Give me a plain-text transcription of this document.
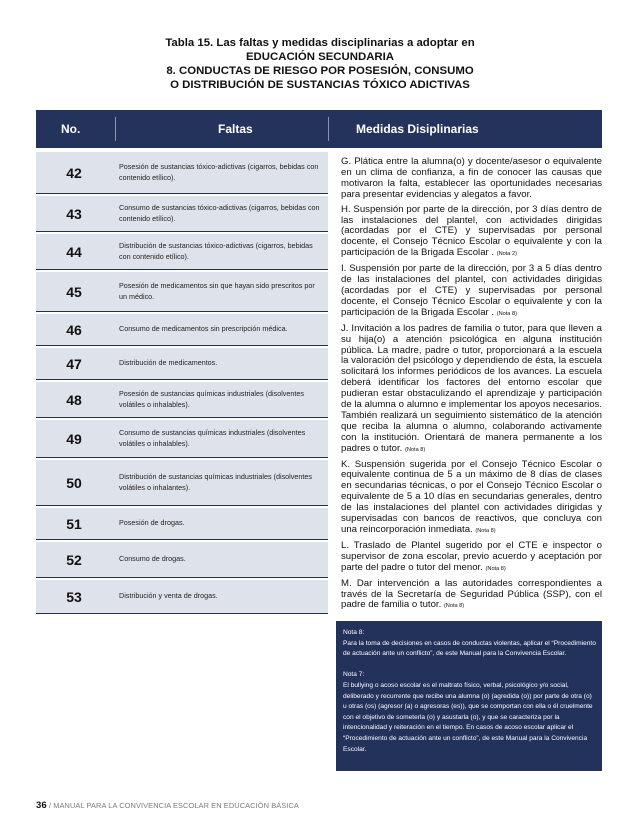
Tabla 15. Las faltas y medidas disciplinarias a adoptar en
EDUCACIÓN SECUNDARIA
8. CONDUCTAS DE RIESGO POR POSESIÓN, CONSUMO
O DISTRIBUCIÓN DE SUSTANCIAS TÓXICO ADICTIVAS
No.	Faltas	Medidas Disiplinarias
42	Posesión de sustancias tóxico-adictivas (cigarros, bebidas con contenido etílico).
43	Consumo de sustancias tóxico-adictivas (cigarros, bebidas con contenido etílico).
44	Distribución de sustancias tóxico-adictivas (cigarros, bebidas con contenido etílico).
45	Posesión de medicamentos sin que hayan sido prescritos por un médico.
46	Consumo de medicamentos sin prescripción médica.
47	Distribución de medicamentos.
48	Posesión de sustancias químicas industriales (disolventes volátiles o inhalables).
49	Consumo de sustancias químicas industriales (disolventes volátiles o inhalables).
50	Distribución de sustancias químicas industriales (disolventes volátiles o inhalantes).
51	Posesión de drogas.
52	Consumo de drogas.
53	Distribución y venta de drogas.

G. Plática entre la alumna(o) y docente/asesor o equivalente en un clima de confianza, a fin de conocer las causas que motivaron la falta, establecer las oportunidades necesarias para presentar evidencias y alegatos a favor.

H. Suspensión por parte de la dirección, por 3 días dentro de las instalaciones del plantel, con actividades dirigidas (acordadas por el CTE) y supervisadas por personal docente, el Consejo Técnico Escolar o equivalente y con la participación de la Brigada Escolar . (Nota 2)

I. Suspensión por parte de la dirección, por 3 a 5 días dentro de las instalaciones del plantel, con actividades dirigidas (acordadas por el CTE) y supervisadas por personal docente, el Consejo Técnico Escolar o equivalente y con la participación de la Brigada Escolar . (Nota 8)

J. Invitación a los padres de familia o tutor, para que lleven a su hija(o) a atención psicológica en alguna institución pública. La madre, padre o tutor, proporcionará a la escuela la valoración del psicólogo y dependiendo de ésta, la escuela solicitará los informes periódicos de los avances. La escuela deberá identificar los factores del entorno escolar que pudieran estar obstaculizando el aprendizaje y participación de la alumna o alumno e implementar los apoyos necesarios. También realizará un seguimiento sistemático de la atención que reciba la alumna o alumno, colaborando activamente con la institución. Orientará de manera permanente a los padres o tutor. (Nota 8)

K. Suspensión sugerida por el Consejo Técnico Escolar o equivalente continua de 5 a un máximo de 8 días de clases en secundarias técnicas, o por el Consejo Técnico Escolar o equivalente de 5 a 10 días en secundarias generales, dentro de las instalaciones del plantel con actividades dirigidas y supervisadas con bancos de reactivos, que concluya con una reincorporación inmediata. (Nota 8)

L. Traslado de Plantel sugerido por el CTE e inspector o supervisor de zona escolar, previo acuerdo y aceptación por parte del padre o tutor del menor. (Nota 8)

M. Dar intervención a las autoridades correspondientes a través de la Secretaría de Seguridad Pública (SSP), con el padre de familia o tutor. (Nota 8)

Nota 8:

Para la toma de decisiones en casos de conductas violentas, aplicar el “Procedimiento de actuación ante un conflicto”, de este Manual para la Convivencia Escolar.

Nota 7:

El bullying o acoso escolar es el maltrato físico, verbal, psicológico y/o social, deliberado y recurrente que recibe una alumna (o) (agredida (o)) por parte de otra (o) u otras (os) (agresor (a) o agresoras (es)), que se comportan con ella o él cruelmente con el objetivo de someterla (o) y asustarla (o), y que se caracteriza por la intencionalidad y reiteración en el tiempo. En casos de acoso escolar aplicar el “Procedimiento de actuación ante un conflicto”, de este Manual para la Convivencia Escolar.

36 / MANUAL PARA LA CONVIVENCIA ESCOLAR EN EDUCACIÓN BÁSICA
